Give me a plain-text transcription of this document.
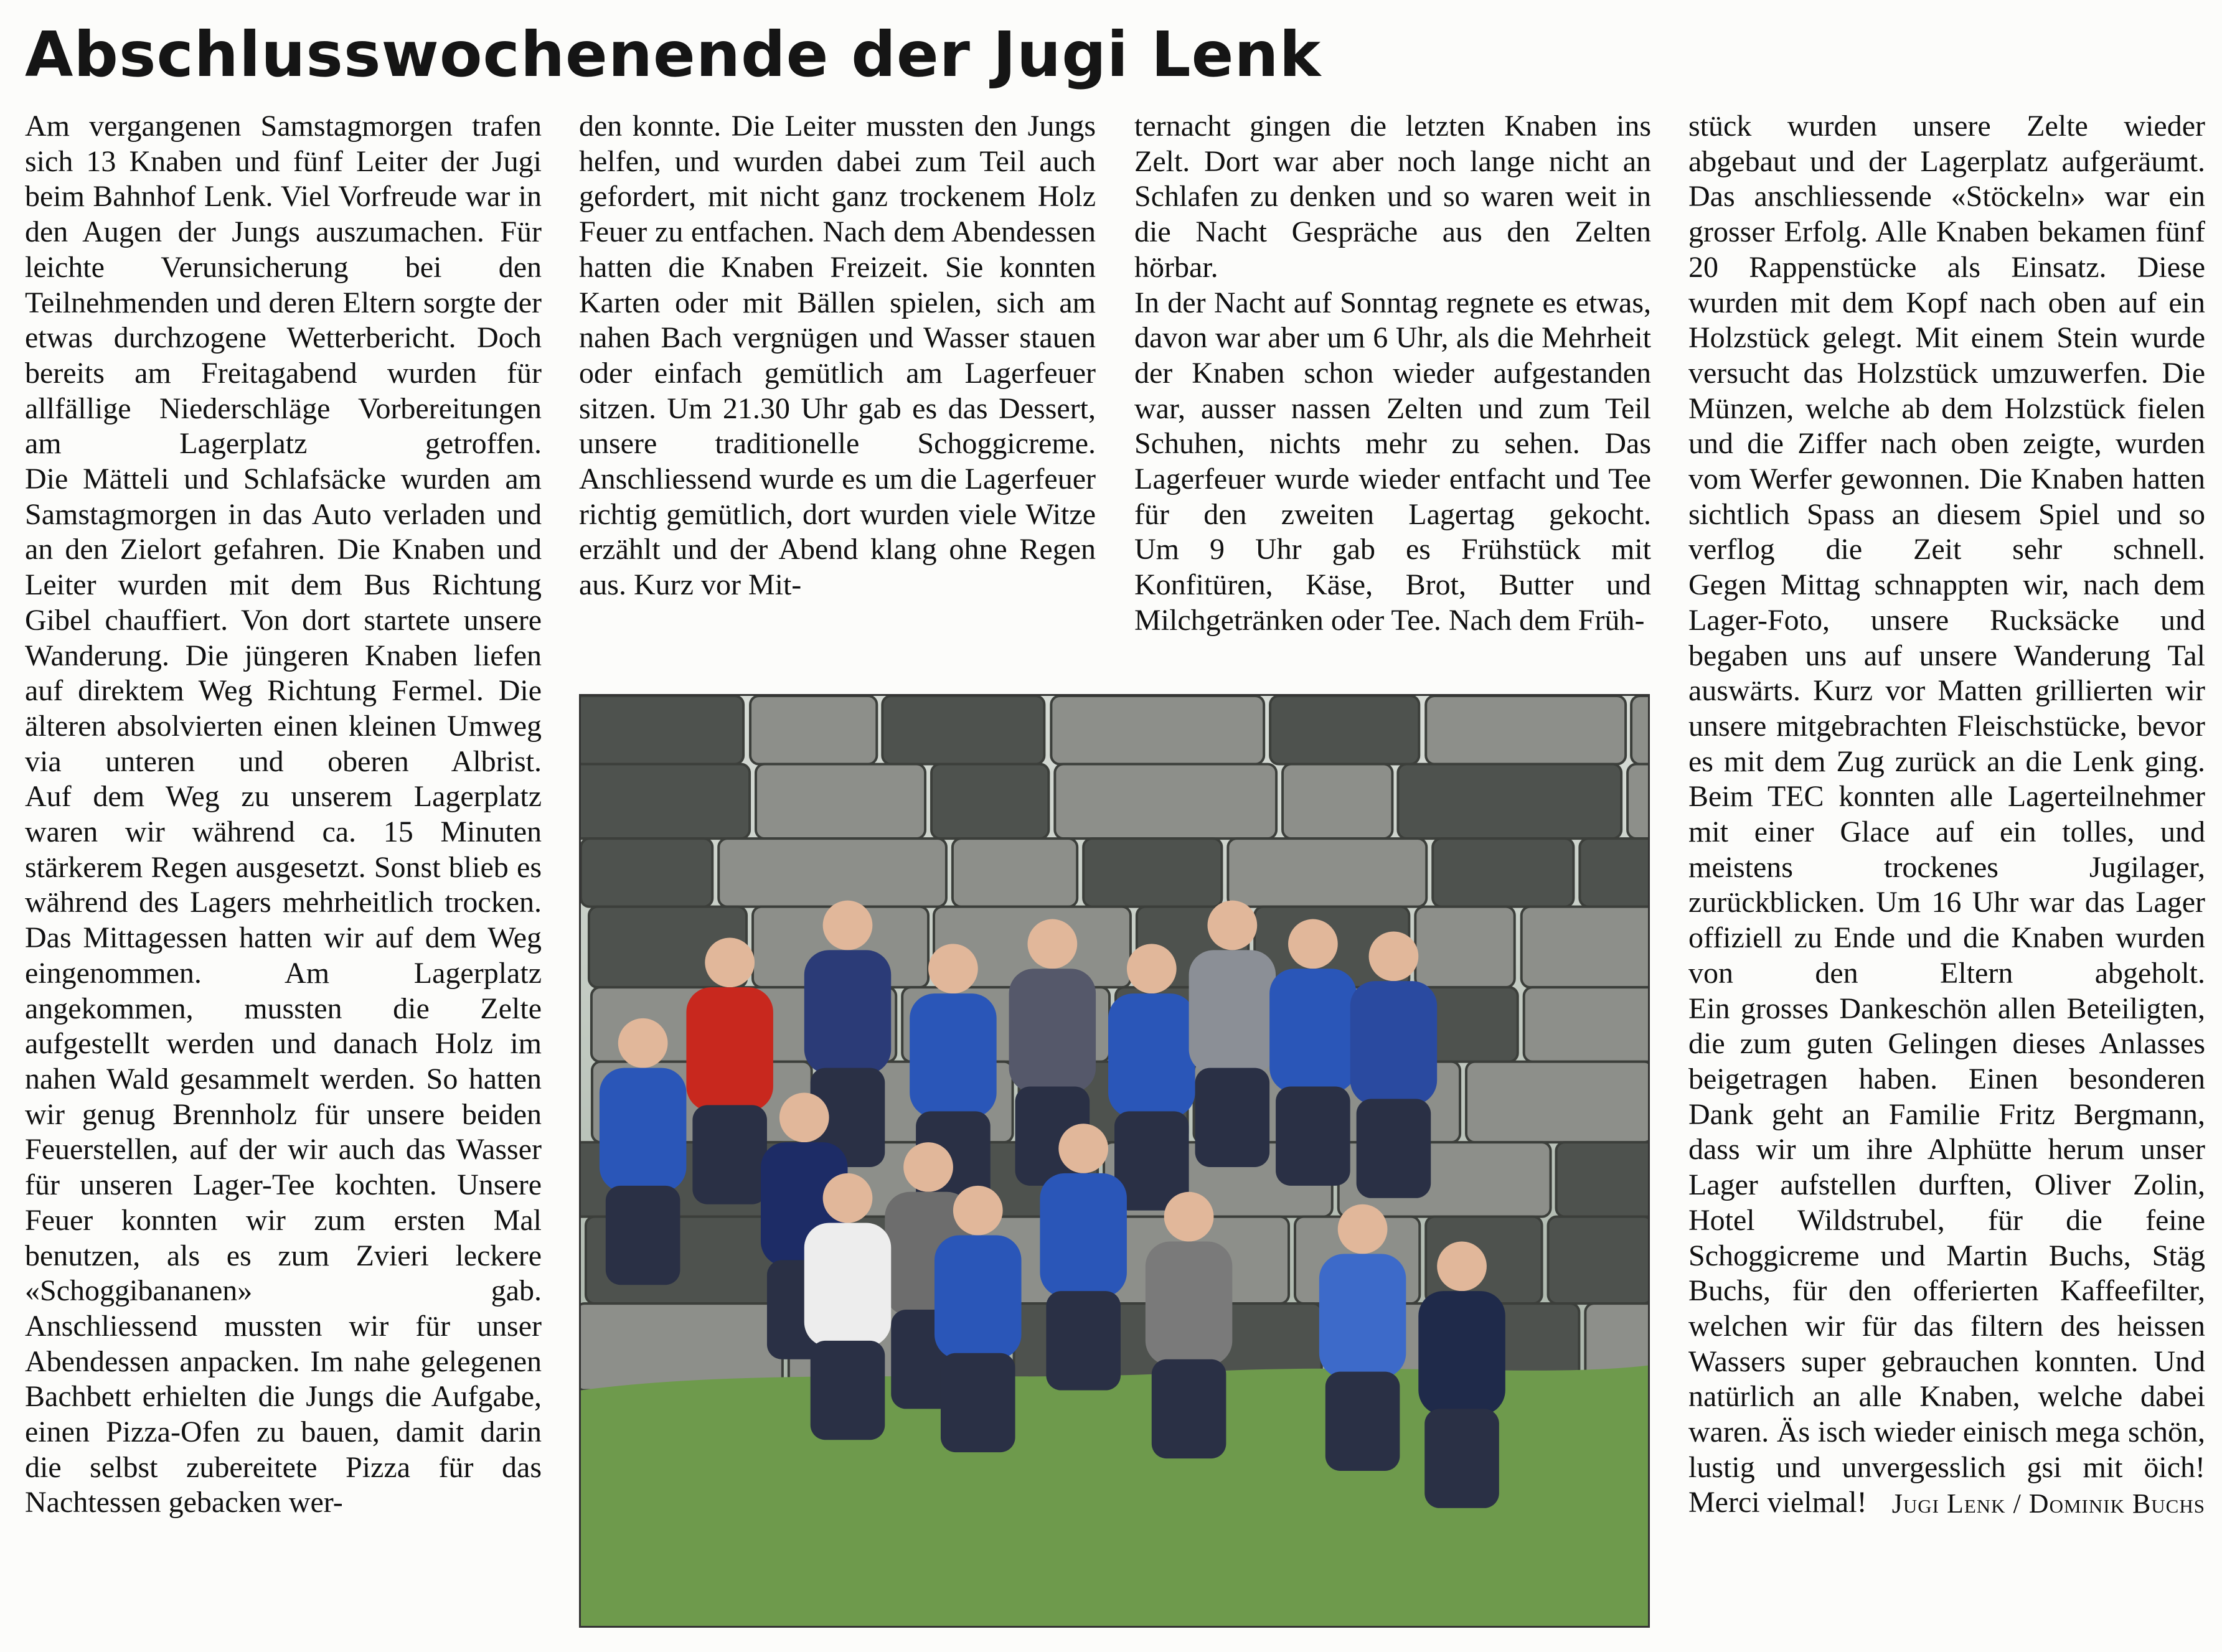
Abschlusswochenende der Jugi Lenk

Am vergangenen Samstagmorgen trafen sich 13 Knaben und fünf Leiter der Jugi beim Bahnhof Lenk. Viel Vorfreude war in den Augen der Jungs auszumachen. Für leichte Verunsicherung bei den Teilnehmenden und deren Eltern sorgte der etwas durchzogene Wetterbericht. Doch bereits am Freitagabend wurden für allfällige Niederschläge Vorbereitungen am Lagerplatz getroffen.

Die Mätteli und Schlafsäcke wurden am Samstagmorgen in das Auto verladen und an den Zielort gefahren. Die Knaben und Leiter wurden mit dem Bus Richtung Gibel chauffiert. Von dort startete unsere Wanderung. Die jüngeren Knaben liefen auf direktem Weg Richtung Fermel. Die älteren absolvierten einen kleinen Umweg via unteren und oberen Albrist.

Auf dem Weg zu unserem Lagerplatz waren wir während ca. 15 Minuten stärkerem Regen ausgesetzt. Sonst blieb es während des Lagers mehrheitlich trocken.

Das Mittagessen hatten wir auf dem Weg eingenommen. Am Lagerplatz angekommen, mussten die Zelte aufgestellt werden und danach Holz im nahen Wald gesammelt werden. So hatten wir genug Brennholz für unsere beiden Feuerstellen, auf der wir auch das Wasser für unseren Lager-Tee kochten. Unsere Feuer konnten wir zum ersten Mal benutzen, als es zum Zvieri leckere «Schoggibananen» gab.

Anschliessend mussten wir für unser Abendessen anpacken. Im nahe gelegenen Bachbett erhielten die Jungs die Aufgabe, einen Pizza-Ofen zu bauen, damit darin die selbst zubereitete Pizza für das Nachtessen gebacken wer-

den konnte. Die Leiter mussten den Jungs helfen, und wurden dabei zum Teil auch gefordert, mit nicht ganz trockenem Holz Feuer zu entfachen. Nach dem Abendessen hatten die Knaben Freizeit. Sie konnten Karten oder mit Bällen spielen, sich am nahen Bach vergnügen und Wasser stauen oder einfach gemütlich am Lagerfeuer sitzen. Um 21.30 Uhr gab es das Dessert, unsere traditionelle Schoggicreme.

Anschliessend wurde es um die Lagerfeuer richtig gemütlich, dort wurden viele Witze erzählt und der Abend klang ohne Regen aus. Kurz vor Mit-

ternacht gingen die letzten Knaben ins Zelt. Dort war aber noch lange nicht an Schlafen zu denken und so waren weit in die Nacht Gespräche aus den Zelten hörbar.

In der Nacht auf Sonntag regnete es etwas, davon war aber um 6 Uhr, als die Mehrheit der Knaben schon wieder aufgestanden war, ausser nassen Zelten und zum Teil Schuhen, nichts mehr zu sehen. Das Lagerfeuer wurde wieder entfacht und Tee für den zweiten Lagertag gekocht.

Um 9 Uhr gab es Frühstück mit Konfitüren, Käse, Brot, Butter und Milchgetränken oder Tee. Nach dem Früh-

stück wurden unsere Zelte wieder abgebaut und der Lagerplatz aufgeräumt. Das anschliessende «Stöckeln» war ein grosser Erfolg. Alle Knaben bekamen fünf 20 Rappenstücke als Einsatz. Diese wurden mit dem Kopf nach oben auf ein Holzstück gelegt. Mit einem Stein wurde versucht das Holzstück umzuwerfen. Die Münzen, welche ab dem Holzstück fielen und die Ziffer nach oben zeigte, wurden vom Werfer gewonnen. Die Knaben hatten sichtlich Spass an diesem Spiel und so verflog die Zeit sehr schnell.

Gegen Mittag schnappten wir, nach dem Lager-Foto, unsere Rucksäcke und begaben uns auf unsere Wanderung Tal auswärts. Kurz vor Matten grillierten wir unsere mitgebrachten Fleischstücke, bevor es mit dem Zug zurück an die Lenk ging. Beim TEC konnten alle Lagerteilnehmer mit einer Glace auf ein tolles, und meistens trockenes Jugilager, zurückblicken. Um 16 Uhr war das Lager offiziell zu Ende und die Knaben wurden von den Eltern abgeholt.

Ein grosses Dankeschön allen Beteiligten, die zum guten Gelingen dieses Anlasses beigetragen haben. Einen besonderen Dank geht an Familie Fritz Bergmann, dass wir um ihre Alphütte herum unser Lager aufstellen durften, Oliver Zolin, Hotel Wildstrubel, für die feine Schoggicreme und Martin Buchs, Stäg Buchs, für den offerierten Kaffeefilter, welchen wir für das filtern des heissen Wassers super gebrauchen konnten. Und natürlich an alle Knaben, welche dabei waren. Äs isch wieder einisch mega schön, lustig und unvergesslich gsi mit öich! Merci vielmal! Jugi Lenk / Dominik Buchs
